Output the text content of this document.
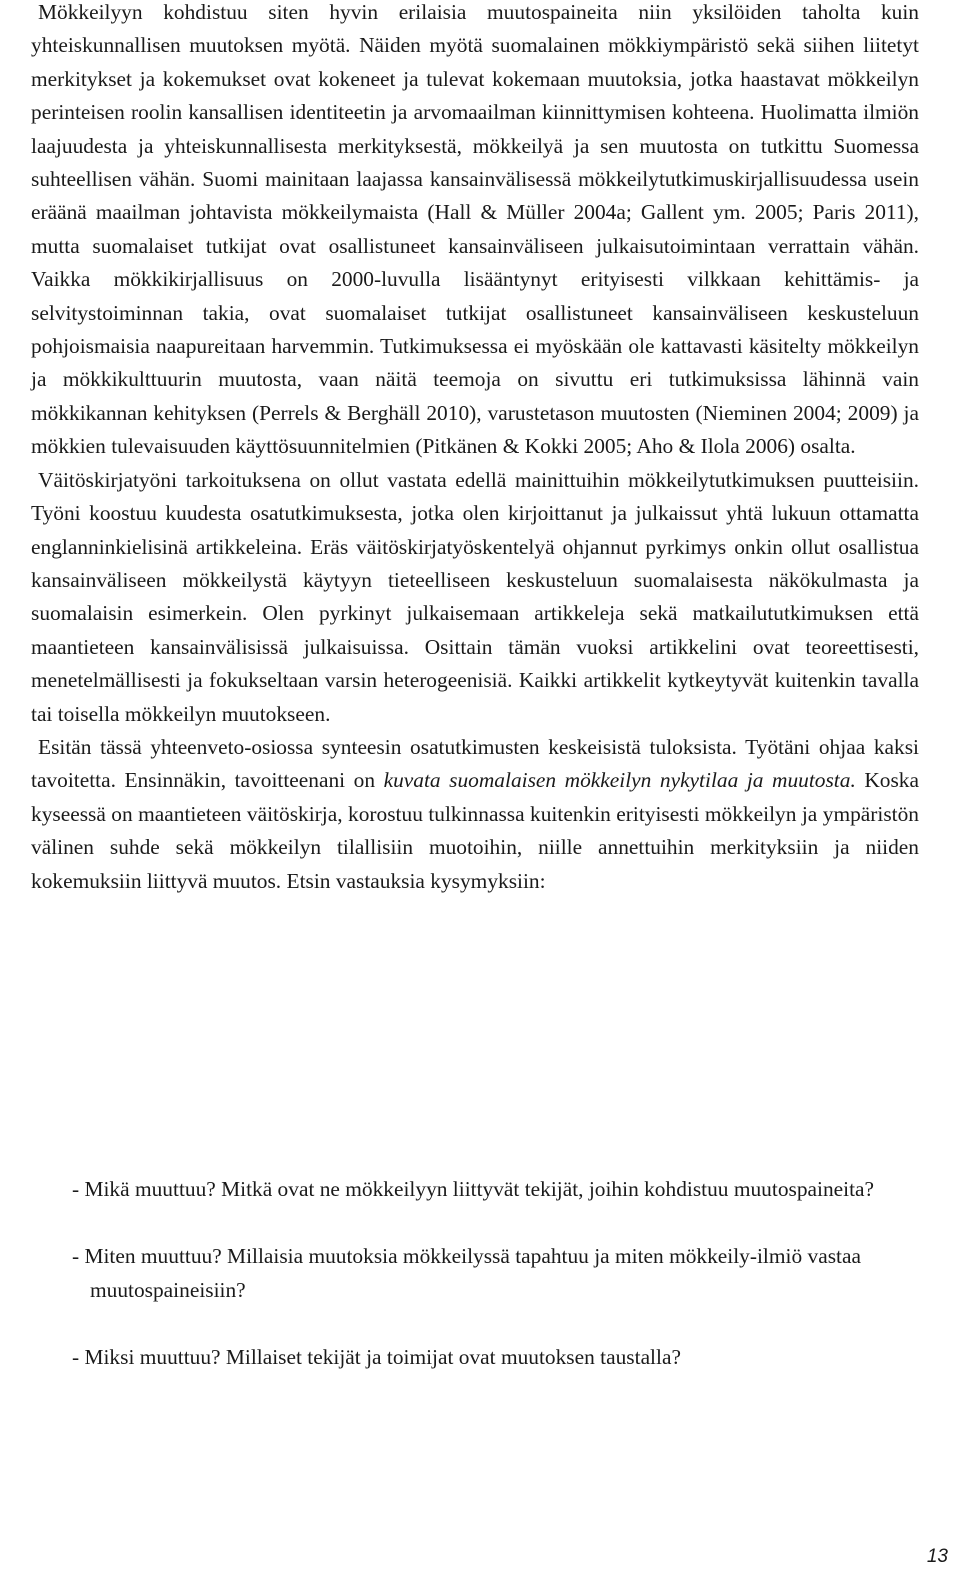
Mökkeilyyn kohdistuu siten hyvin erilaisia muutospaineita niin yksilöiden taholta kuin yhteiskunnallisen muutoksen myötä. Näiden myötä suomalainen mökkiympäristö sekä siihen liitetyt merkitykset ja kokemukset ovat kokeneet ja tulevat kokemaan muutoksia, jotka haastavat mökkeilyn perinteisen roolin kansallisen identiteetin ja arvomaailman kiinnittymisen kohteena. Huolimatta ilmiön laajuudesta ja yhteiskunnallisesta merkityksestä, mökkeilyä ja sen muutosta on tutkittu Suomessa suhteellisen vähän. Suomi mainitaan laajassa kansainvälisessä mökkeilytutkimuskirjallisuudessa usein eräänä maailman johtavista mökkeilymaista (Hall & Müller 2004a; Gallent ym. 2005; Paris 2011), mutta suomalaiset tutkijat ovat osallistuneet kansainväliseen julkaisutoimintaan verrattain vähän. Vaikka mökkikirjallisuus on 2000-luvulla lisääntynyt erityisesti vilkkaan kehittämis- ja selvitystoiminnan takia, ovat suomalaiset tutkijat osallistuneet kansainväliseen keskusteluun pohjoismaisia naapureitaan harvemmin. Tutkimuksessa ei myöskään ole kattavasti käsitelty mökkeilyn ja mökkikulttuurin muutosta, vaan näitä teemoja on sivuttu eri tutkimuksissa lähinnä vain mökkikannan kehityksen (Perrels & Berghäll 2010), varustetason muutosten (Nieminen 2004; 2009) ja mökkien tulevaisuuden käyttösuunnitelmien (Pitkänen & Kokki 2005; Aho & Ilola 2006) osalta.

Väitöskirjatyöni tarkoituksena on ollut vastata edellä mainittuihin mökkeilytutkimuksen puutteisiin. Työni koostuu kuudesta osatutkimuksesta, jotka olen kirjoittanut ja julkaissut yhtä lukuun ottamatta englanninkielisinä artikkeleina. Eräs väitöskirjatyöskentelyä ohjannut pyrkimys onkin ollut osallistua kansainväliseen mökkeilystä käytyyn tieteelliseen keskusteluun suomalaisesta näkökulmasta ja suomalaisin esimerkein. Olen pyrkinyt julkaisemaan artikkeleja sekä matkailututkimuksen että maantieteen kansainvälisissä julkaisuissa. Osittain tämän vuoksi artikkelini ovat teoreettisesti, menetelmällisesti ja fokukseltaan varsin heterogeenisiä. Kaikki artikkelit kytkeytyvät kuitenkin tavalla tai toisella mökkeilyn muutokseen.

Esitän tässä yhteenveto-osiossa synteesin osatutkimusten keskeisistä tuloksista. Työtäni ohjaa kaksi tavoitetta. Ensinnäkin, tavoitteenani on kuvata suomalaisen mökkeilyn nykytilaa ja muutosta. Koska kyseessä on maantieteen väitöskirja, korostuu tulkinnassa kuitenkin erityisesti mökkeilyn ja ympäristön välinen suhde sekä mökkeilyn tilallisiin muotoihin, niille annettuihin merkityksiin ja niiden kokemuksiin liittyvä muutos. Etsin vastauksia kysymyksiin:

- Mikä muuttuu? Mitkä ovat ne mökkeilyyn liittyvät tekijät, joihin kohdistuu muutospaineita?

- Miten muuttuu? Millaisia muutoksia mökkeilyssä tapahtuu ja miten mökkeily-ilmiö vastaa muutospaineisiin?

- Miksi muuttuu? Millaiset tekijät ja toimijat ovat muutoksen taustalla?

13
